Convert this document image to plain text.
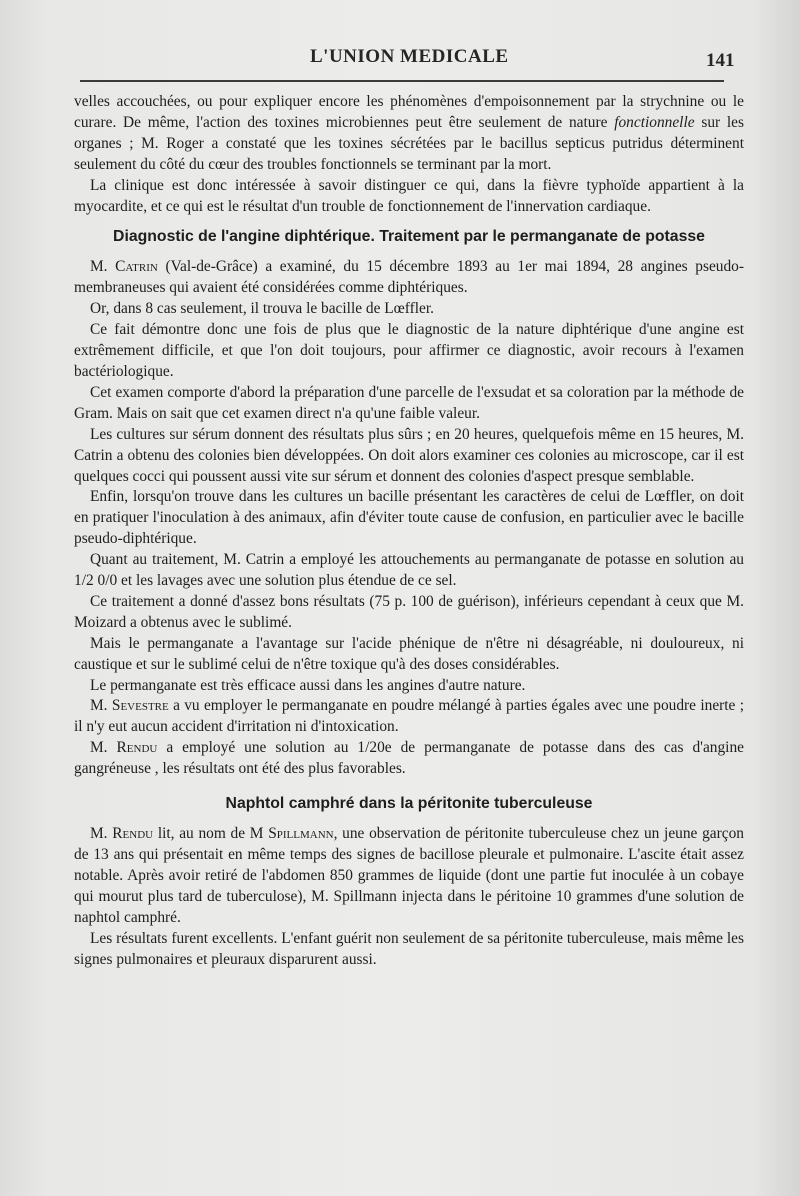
L'UNION MEDICALE	141

velles accouchées, ou pour expliquer encore les phénomènes d'empoisonnement par la strychnine ou le curare. De même, l'action des toxines microbiennes peut être seulement de nature fonctionnelle sur les organes ; M. Roger a constaté que les toxines sécrétées par le bacillus septicus putridus déterminent seulement du côté du cœur des troubles fonctionnels se terminant par la mort.

La clinique est donc intéressée à savoir distinguer ce qui, dans la fièvre typhoïde appartient à la myocardite, et ce qui est le résultat d'un trouble de fonctionnement de l'innervation cardiaque.

Diagnostic de l'angine diphtérique. Traitement par le permanganate de potasse

M. Catrin (Val-de-Grâce) a examiné, du 15 décembre 1893 au 1er mai 1894, 28 angines pseudo-membraneuses qui avaient été considérées comme diphtériques.

Or, dans 8 cas seulement, il trouva le bacille de Lœffler.

Ce fait démontre donc une fois de plus que le diagnostic de la nature diphtérique d'une angine est extrêmement difficile, et que l'on doit toujours, pour affirmer ce diagnostic, avoir recours à l'examen bactériologique.

Cet examen comporte d'abord la préparation d'une parcelle de l'exsudat et sa coloration par la méthode de Gram. Mais on sait que cet examen direct n'a qu'une faible valeur.

Les cultures sur sérum donnent des résultats plus sûrs ; en 20 heures, quelquefois même en 15 heures, M. Catrin a obtenu des colonies bien développées. On doit alors examiner ces colonies au microscope, car il est quelques cocci qui poussent aussi vite sur sérum et donnent des colonies d'aspect presque semblable.

Enfin, lorsqu'on trouve dans les cultures un bacille présentant les caractères de celui de Lœffler, on doit en pratiquer l'inoculation à des animaux, afin d'éviter toute cause de confusion, en particulier avec le bacille pseudo-diphtérique.

Quant au traitement, M. Catrin a employé les attouchements au permanganate de potasse en solution au 1/2 0/0 et les lavages avec une solution plus étendue de ce sel.

Ce traitement a donné d'assez bons résultats (75 p. 100 de guérison), inférieurs cependant à ceux que M. Moizard a obtenus avec le sublimé.

Mais le permanganate a l'avantage sur l'acide phénique de n'être ni désagréable, ni douloureux, ni caustique et sur le sublimé celui de n'être toxique qu'à des doses considérables.

Le permanganate est très efficace aussi dans les angines d'autre nature.

M. Sevestre a vu employer le permanganate en poudre mélangé à parties égales avec une poudre inerte ; il n'y eut aucun accident d'irritation ni d'intoxication.

M. Rendu a employé une solution au 1/20e de permanganate de potasse dans des cas d'angine gangréneuse , les résultats ont été des plus favorables.

Naphtol camphré dans la péritonite tuberculeuse

M. Rendu lit, au nom de M Spillmann, une observation de péritonite tuberculeuse chez un jeune garçon de 13 ans qui présentait en même temps des signes de bacillose pleurale et pulmonaire. L'ascite était assez notable. Après avoir retiré de l'abdomen 850 grammes de liquide (dont une partie fut inoculée à un cobaye qui mourut plus tard de tuberculose), M. Spillmann injecta dans le péritoine 10 grammes d'une solution de naphtol camphré.

Les résultats furent excellents. L'enfant guérit non seulement de sa péritonite tuberculeuse, mais même les signes pulmonaires et pleuraux disparurent aussi.
